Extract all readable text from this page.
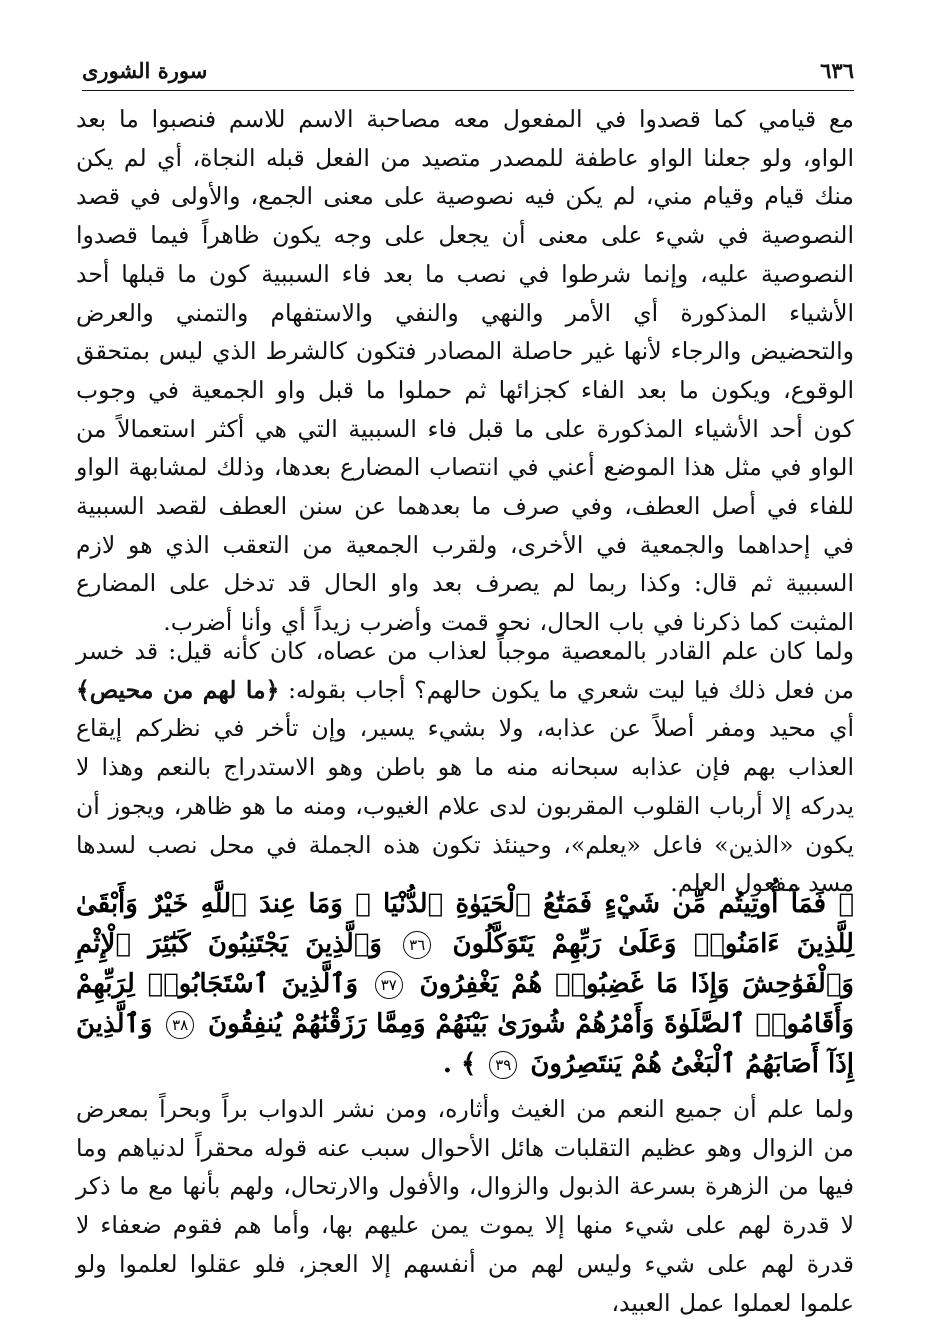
٦٣٦
سورة الشورى

مع قيامي كما قصدوا في المفعول معه مصاحبة الاسم للاسم فنصبوا ما بعد الواو، ولو جعلنا الواو عاطفة للمصدر متصيد من الفعل قبله النجاة، أي لم يكن منك قيام وقيام مني، لم يكن فيه نصوصية على معنى الجمع، والأولى في قصد النصوصية في شيء على معنى أن يجعل على وجه يكون ظاهراً فيما قصدوا النصوصية عليه، وإنما شرطوا في نصب ما بعد فاء السببية كون ما قبلها أحد الأشياء المذكورة أي الأمر والنهي والنفي والاستفهام والتمني والعرض والتحضيض والرجاء لأنها غير حاصلة المصادر فتكون كالشرط الذي ليس بمتحقق الوقوع، ويكون ما بعد الفاء كجزائها ثم حملوا ما قبل واو الجمعية في وجوب كون أحد الأشياء المذكورة على ما قبل فاء السببية التي هي أكثر استعمالاً من الواو في مثل هذا الموضع أعني في انتصاب المضارع بعدها، وذلك لمشابهة الواو للفاء في أصل العطف، وفي صرف ما بعدهما عن سنن العطف لقصد السببية في إحداهما والجمعية في الأخرى، ولقرب الجمعية من التعقب الذي هو لازم السببية ثم قال: وكذا ربما لم يصرف بعد واو الحال قد تدخل على المضارع المثبت كما ذكرنا في باب الحال، نحو قمت وأضرب زيداً أي وأنا أضرب.

ولما كان علم القادر بالمعصية موجباً لعذاب من عصاه، كان كأنه قيل: قد خسر من فعل ذلك فيا ليت شعري ما يكون حالهم؟ أجاب بقوله: ﴿ما لهم من محيص﴾ أي محيد ومفر أصلاً عن عذابه، ولا بشيء يسير، وإن تأخر في نظركم إيقاع العذاب بهم فإن عذابه سبحانه منه ما هو باطن وهو الاستدراج بالنعم وهذا لا يدركه إلا أرباب القلوب المقربون لدى علام الغيوب، ومنه ما هو ظاهر، ويجوز أن يكون «الذين» فاعل «يعلم»، وحينئذ تكون هذه الجملة في محل نصب لسدها مسد مفعول العلم.

﴿ فَمَآ أُوتِيتُم مِّن شَيْءٍ فَمَتَٰعُ ٱلْحَيَوٰةِ ٱلدُّنْيَا ۖ وَمَا عِندَ ٱللَّهِ خَيْرٌ وَأَبْقَىٰ لِلَّذِينَ ءَامَنُوا۟ وَعَلَىٰ رَبِّهِمْ يَتَوَكَّلُونَ ٣٦ وَٱلَّذِينَ يَجْتَنِبُونَ كَبَٰٓئِرَ ٱلْإِثْمِ وَٱلْفَوَٰحِشَ وَإِذَا مَا غَضِبُوا۟ هُمْ يَغْفِرُونَ ٣٧ وَٱلَّذِينَ ٱسْتَجَابُوا۟ لِرَبِّهِمْ وَأَقَامُوا۟ ٱلصَّلَوٰةَ وَأَمْرُهُمْ شُورَىٰ بَيْنَهُمْ وَمِمَّا رَزَقْنَٰهُمْ يُنفِقُونَ ٣٨ وَٱلَّذِينَ إِذَآ أَصَابَهُمُ ٱلْبَغْىُ هُمْ يَنتَصِرُونَ ٣٩ ﴾ .

ولما علم أن جميع النعم من الغيث وأثاره، ومن نشر الدواب براً وبحراً بمعرض من الزوال وهو عظيم التقلبات هائل الأحوال سبب عنه قوله محقراً لدنياهم وما فيها من الزهرة بسرعة الذبول والزوال، والأفول والارتحال، ولهم بأنها مع ما ذكر لا قدرة لهم على شيء منها إلا يموت يمن عليهم بها، وأما هم فقوم ضعفاء لا قدرة لهم على شيء وليس لهم من أنفسهم إلا العجز، فلو عقلوا لعلموا ولو علموا لعملوا عمل العبيد،
